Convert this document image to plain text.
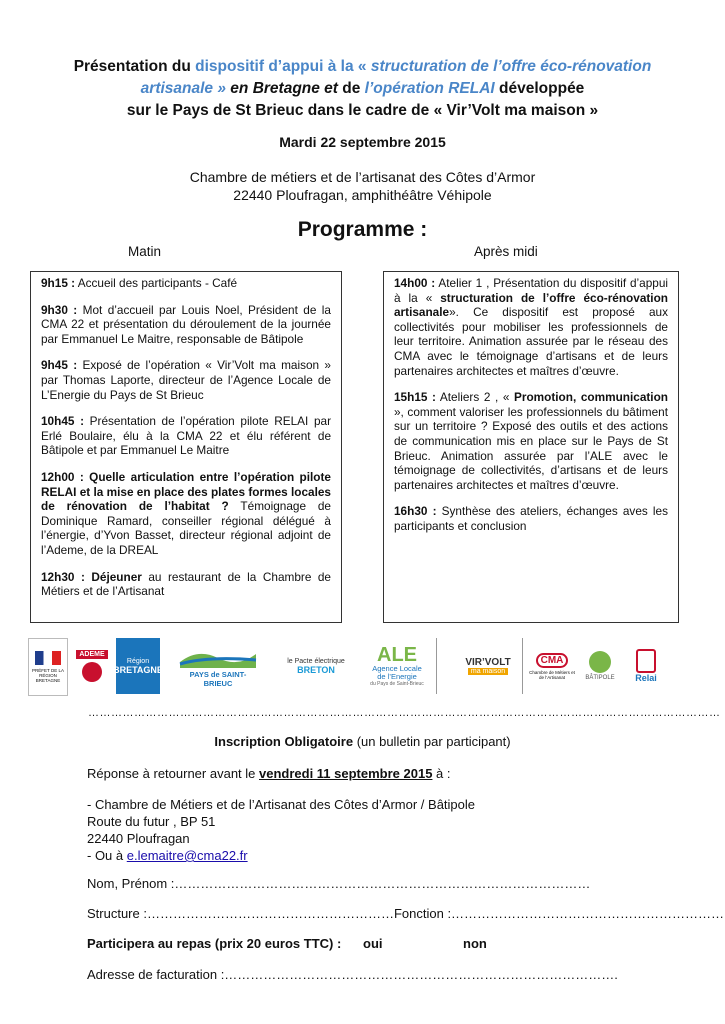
Présentation du dispositif d’appui à la « structuration de l’offre éco-rénovation artisanale » en Bretagne et de l’opération RELAI développée
sur le Pays de St Brieuc dans le cadre de « Vir’Volt ma maison »
Mardi 22 septembre 2015
Chambre de métiers et de l’artisanat des Côtes d’Armor
22440 Ploufragan, amphithéâtre Véhipole
Programme :
Matin	Après midi

9h15 : Accueil des participants - Café

9h30 : Mot d’accueil par Louis Noel, Président de la CMA 22 et présentation du déroulement de la journée par Emmanuel Le Maitre, responsable de Bâtipole

9h45 : Exposé de l’opération « Vir’Volt ma maison » par Thomas Laporte, directeur de l’Agence Locale de L’Energie du Pays de St Brieuc

10h45 : Présentation de l’opération pilote RELAI par Erlé Boulaire, élu à la CMA 22 et élu référent de Bâtipole et par Emmanuel Le Maitre

12h00 : Quelle articulation entre l’opération pilote RELAI et la mise en place des plates formes locales de rénovation de l’habitat ? Témoignage de Dominique Ramard, conseiller régional délégué à l’énergie, d’Yvon Basset, directeur régional adjoint de l’Ademe, de la DREAL

12h30 : Déjeuner au restaurant de la Chambre de Métiers et de l’Artisanat

14h00 : Atelier 1 , Présentation du dispositif d’appui à la « structuration de l’offre éco-rénovation artisanale». Ce dispositif est proposé aux collectivités pour mobiliser les professionnels de leur territoire. Animation assurée par le réseau des CMA avec le témoignage d’artisans et de leurs partenaires architectes et maîtres d’œuvre.

15h15 : Ateliers 2 , « Promotion, communication », comment valoriser les professionnels du bâtiment sur un territoire ? Exposé des outils et des actions de communication mis en place sur le Pays de St Brieuc. Animation assurée par l’ALE avec le témoignage de collectivités, d’artisans et de leurs partenaires architectes et maîtres d’œuvre.

16h30 : Synthèse des ateliers, échanges aves les participants et conclusion

PRÉFET DE LA RÉGION BRETAGNE
ADEME
Région
BRETAGNE	PAYS de SAINT-BRIEUC
le Pacte électrique
BRETON
ALE
Agence Locale
de l’Energie
du Pays de Saint-Brieuc
VIR’VOLT
ma maison
CMA
Chambre de Métiers et de l’Artisanat	BÂTIPOLE Relai
…………………………………………………………………………………………………………………………………………………
Inscription Obligatoire (un bulletin par participant)
Réponse à retourner avant le vendredi 11 septembre 2015 à :
- Chambre de Métiers et de l’Artisanat des Côtes d’Armor / Bâtipole
Route du futur , BP 51
22440 Ploufragan
- Ou à e.lemaitre@cma22.fr
Nom, Prénom :……………………………………………………………………………………
Structure :…………………………………………………Fonction :………………………………………………………
Participera au repas (prix 20 euros TTC) : oui	non
Adresse de facturation :……………………………………………………………………………….
